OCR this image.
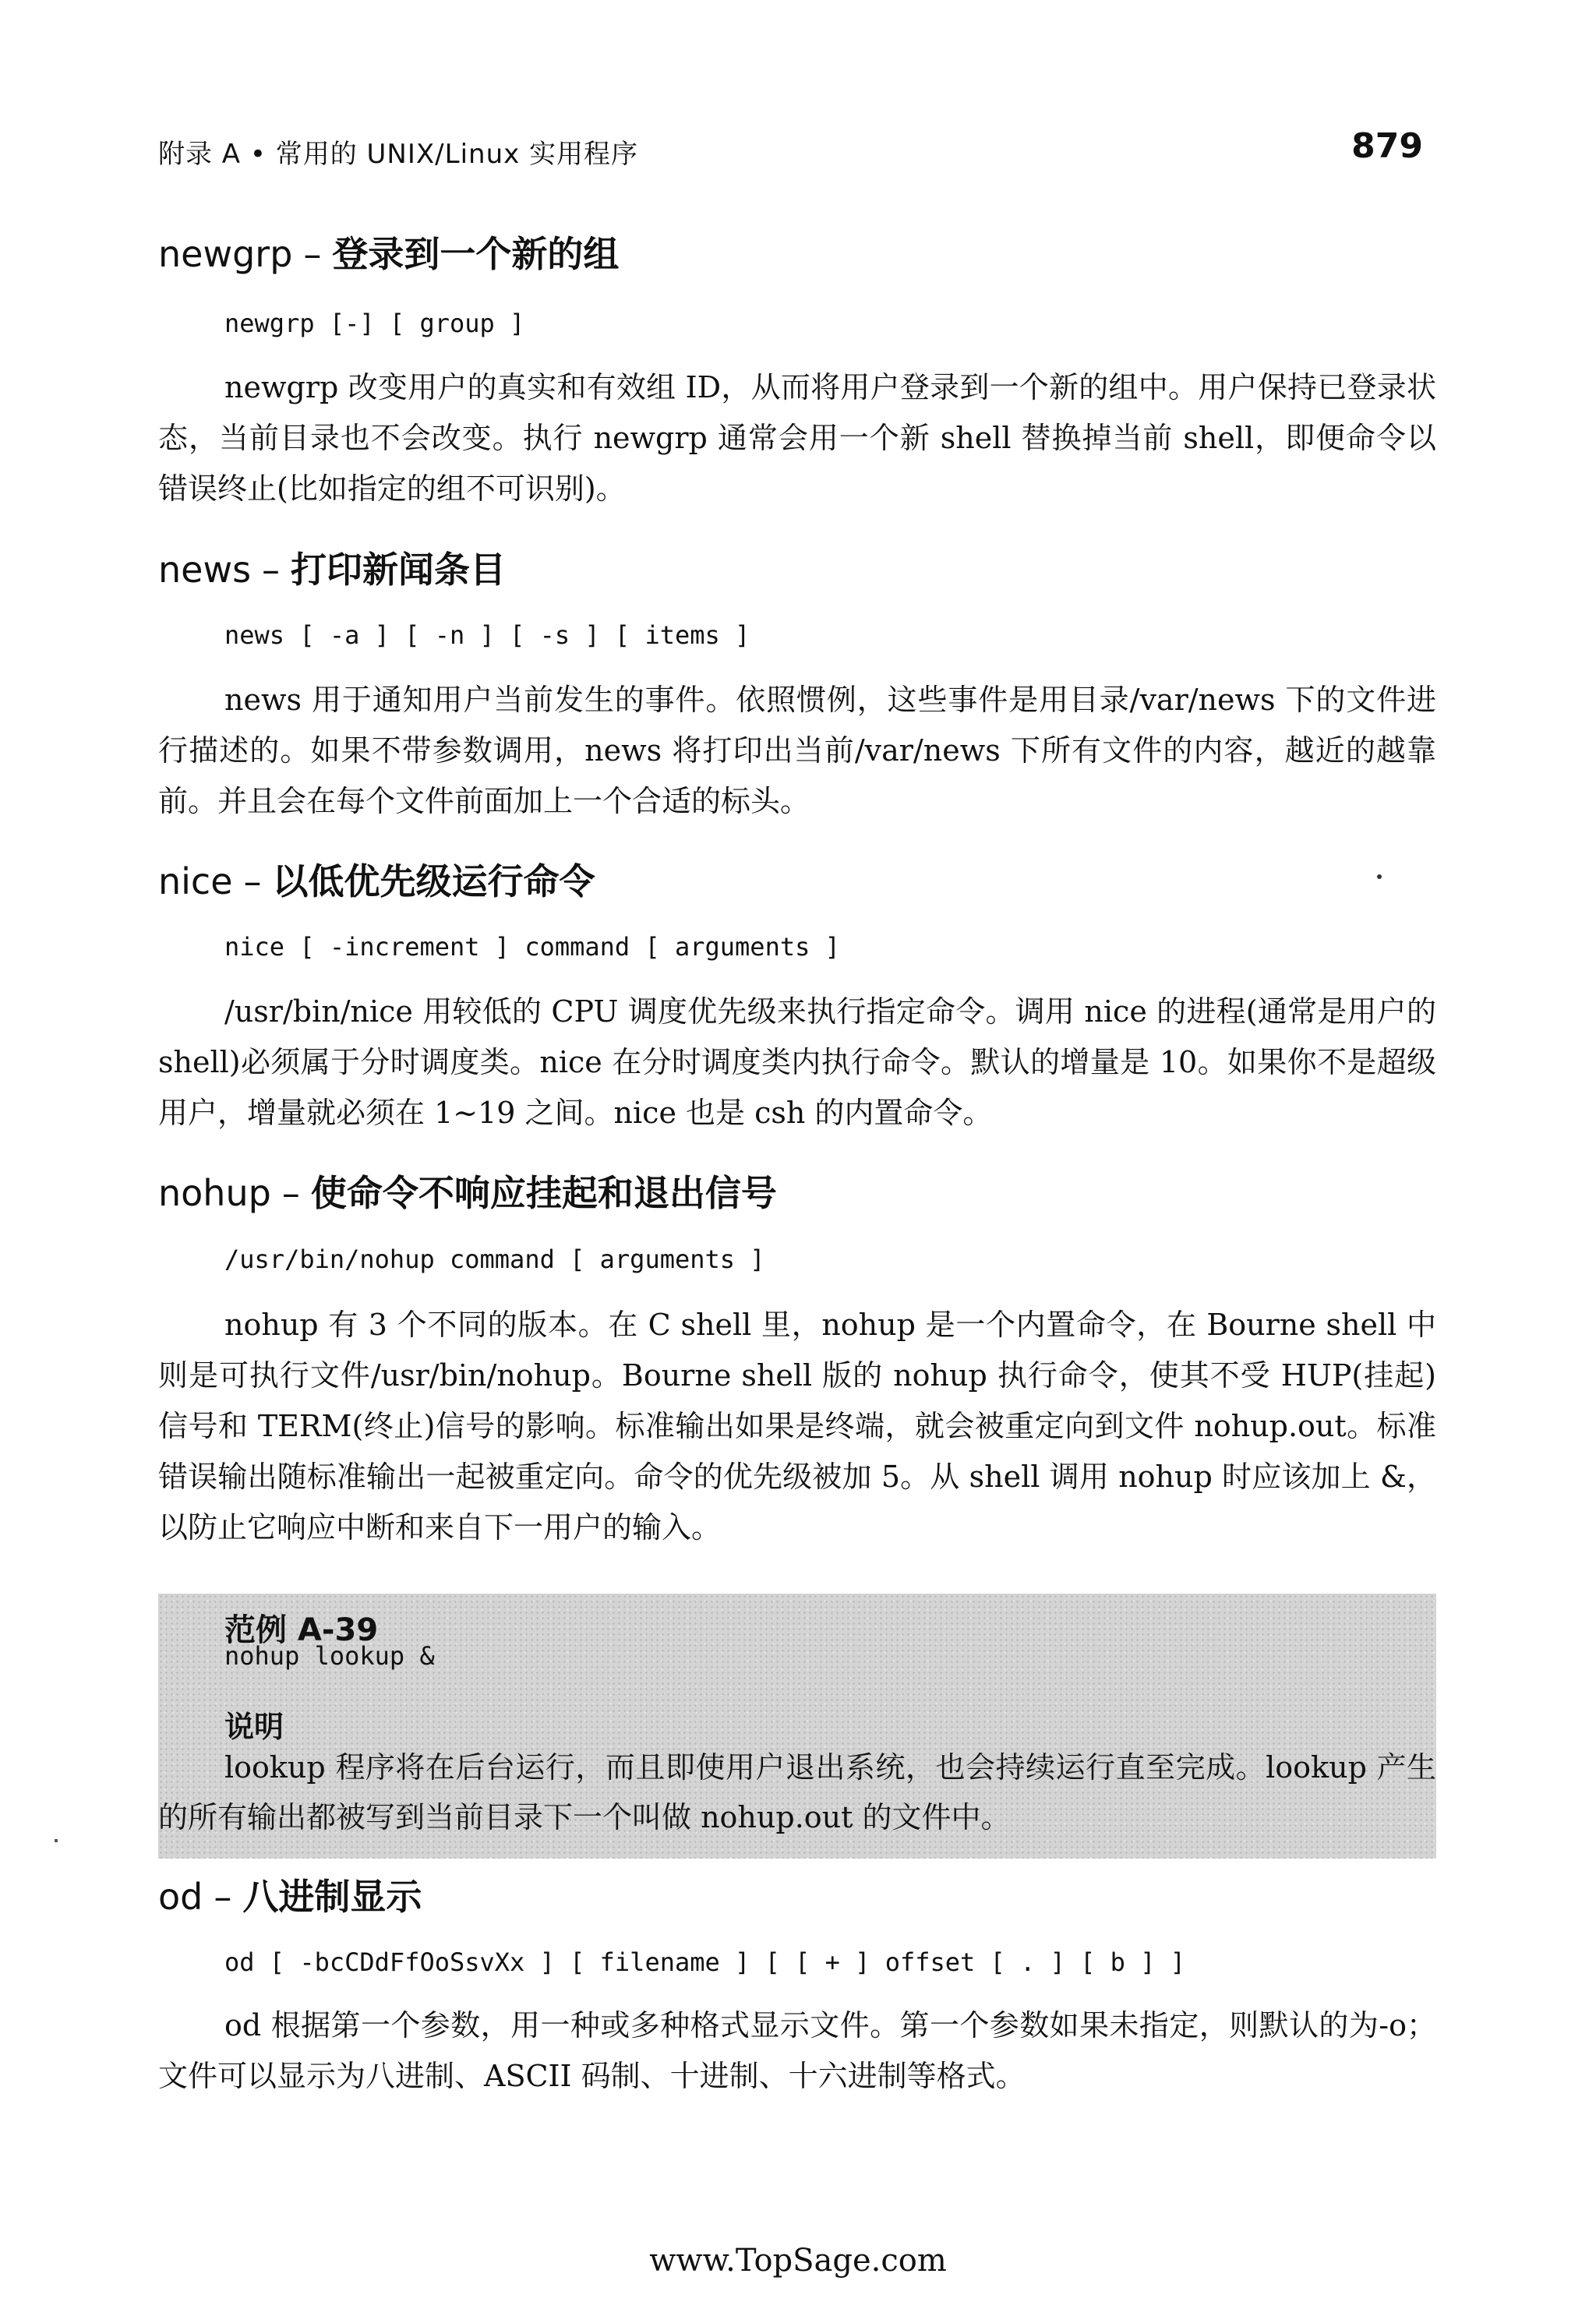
附录 A • 常用的 UNIX/Linux 实用程序	879
newgrp – 登录到一个新的组
newgrp [-] [ group ]
newgrp 改变用户的真实和有效组 ID，从而将用户登录到一个新的组中。用户保持已登录状态，当前目录也不会改变。执行 newgrp 通常会用一个新 shell 替换掉当前 shell，即便命令以错误终止(比如指定的组不可识别)。
news – 打印新闻条目
news [ -a ] [ -n ] [ -s ] [ items ]
news 用于通知用户当前发生的事件。依照惯例，这些事件是用目录/var/news 下的文件进行描述的。如果不带参数调用，news 将打印出当前/var/news 下所有文件的内容，越近的越靠前。并且会在每个文件前面加上一个合适的标头。
nice – 以低优先级运行命令
nice [ -increment ] command [ arguments ]
/usr/bin/nice 用较低的 CPU 调度优先级来执行指定命令。调用 nice 的进程(通常是用户的 shell)必须属于分时调度类。nice 在分时调度类内执行命令。默认的增量是 10。如果你不是超级用户，增量就必须在 1~19 之间。nice 也是 csh 的内置命令。
nohup – 使命令不响应挂起和退出信号
/usr/bin/nohup command [ arguments ]
nohup 有 3 个不同的版本。在 C shell 里，nohup 是一个内置命令，在 Bourne shell 中则是可执行文件/usr/bin/nohup。Bourne shell 版的 nohup 执行命令，使其不受 HUP(挂起)信号和 TERM(终止)信号的影响。标准输出如果是终端，就会被重定向到文件 nohup.out。标准错误输出随标准输出一起被重定向。命令的优先级被加 5。从 shell 调用 nohup 时应该加上 &，以防止它响应中断和来自下一用户的输入。
范例 A-39
nohup lookup &
说明
lookup 程序将在后台运行，而且即使用户退出系统，也会持续运行直至完成。lookup 产生的所有输出都被写到当前目录下一个叫做 nohup.out 的文件中。
od – 八进制显示
od [ -bcCDdFfOoSsvXx ] [ filename ] [ [ + ] offset [ . ] [ b ] ]
od 根据第一个参数，用一种或多种格式显示文件。第一个参数如果未指定，则默认的为-o；文件可以显示为八进制、ASCII 码制、十进制、十六进制等格式。
www.TopSage.com
